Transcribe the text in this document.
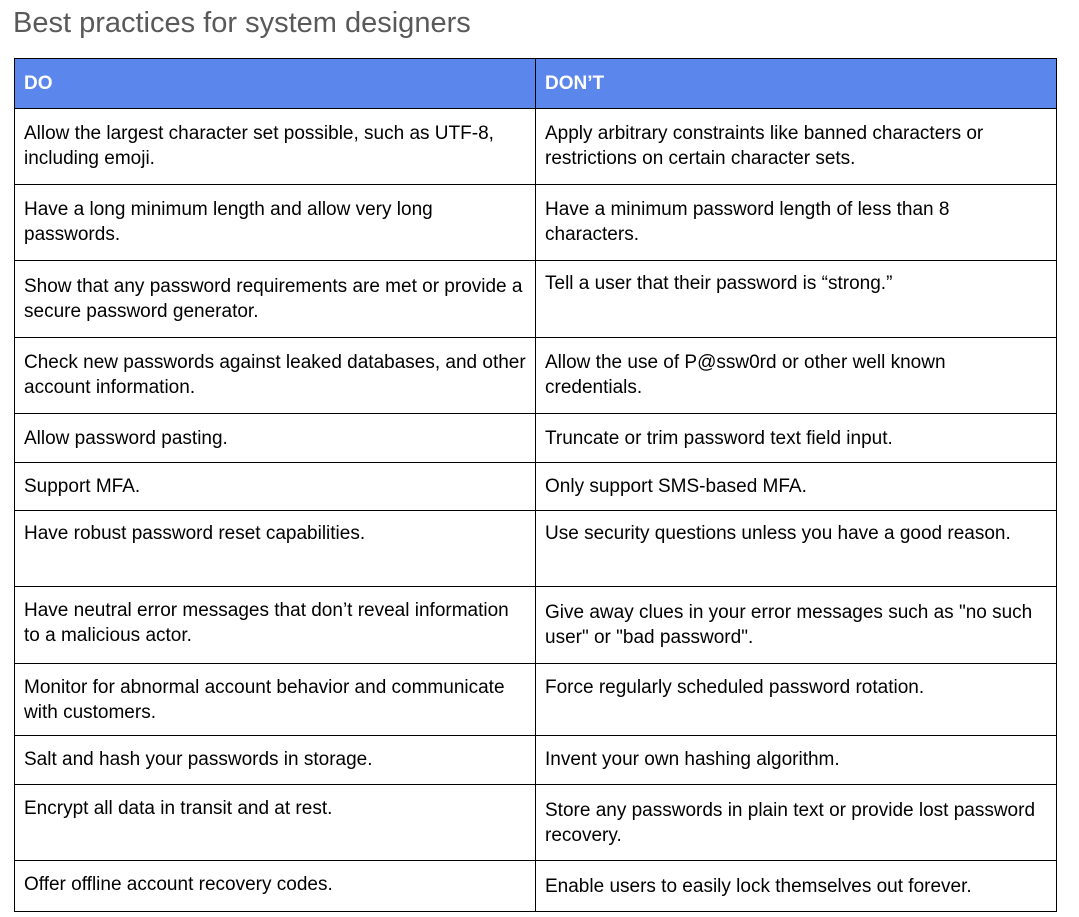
Best practices for system designers
DO	DON’T

Allow the largest character set possible, such as UTF-8, including emoji.	Apply arbitrary constraints like banned characters or restrictions on certain character sets.

Have a long minimum length and allow very long passwords.	Have a minimum password length of less than 8 characters.

Show that any password requirements are met or provide a secure password generator.	Tell a user that their password is “strong.”

Check new passwords against leaked databases, and other account information.	Allow the use of P@ssw0rd or other well known credentials.

Allow password pasting.	Truncate or trim password text field input.

Support MFA.	Only support SMS-based MFA.

Have robust password reset capabilities.	Use security questions unless you have a good reason.

Have neutral error messages that don’t reveal information to a malicious actor.	Give away clues in your error messages such as "no such user" or "bad password".

Monitor for abnormal account behavior and communicate with customers.	Force regularly scheduled password rotation.

Salt and hash your passwords in storage.	Invent your own hashing algorithm.

Encrypt all data in transit and at rest.	Store any passwords in plain text or provide lost password recovery.

Offer offline account recovery codes.	Enable users to easily lock themselves out forever.
